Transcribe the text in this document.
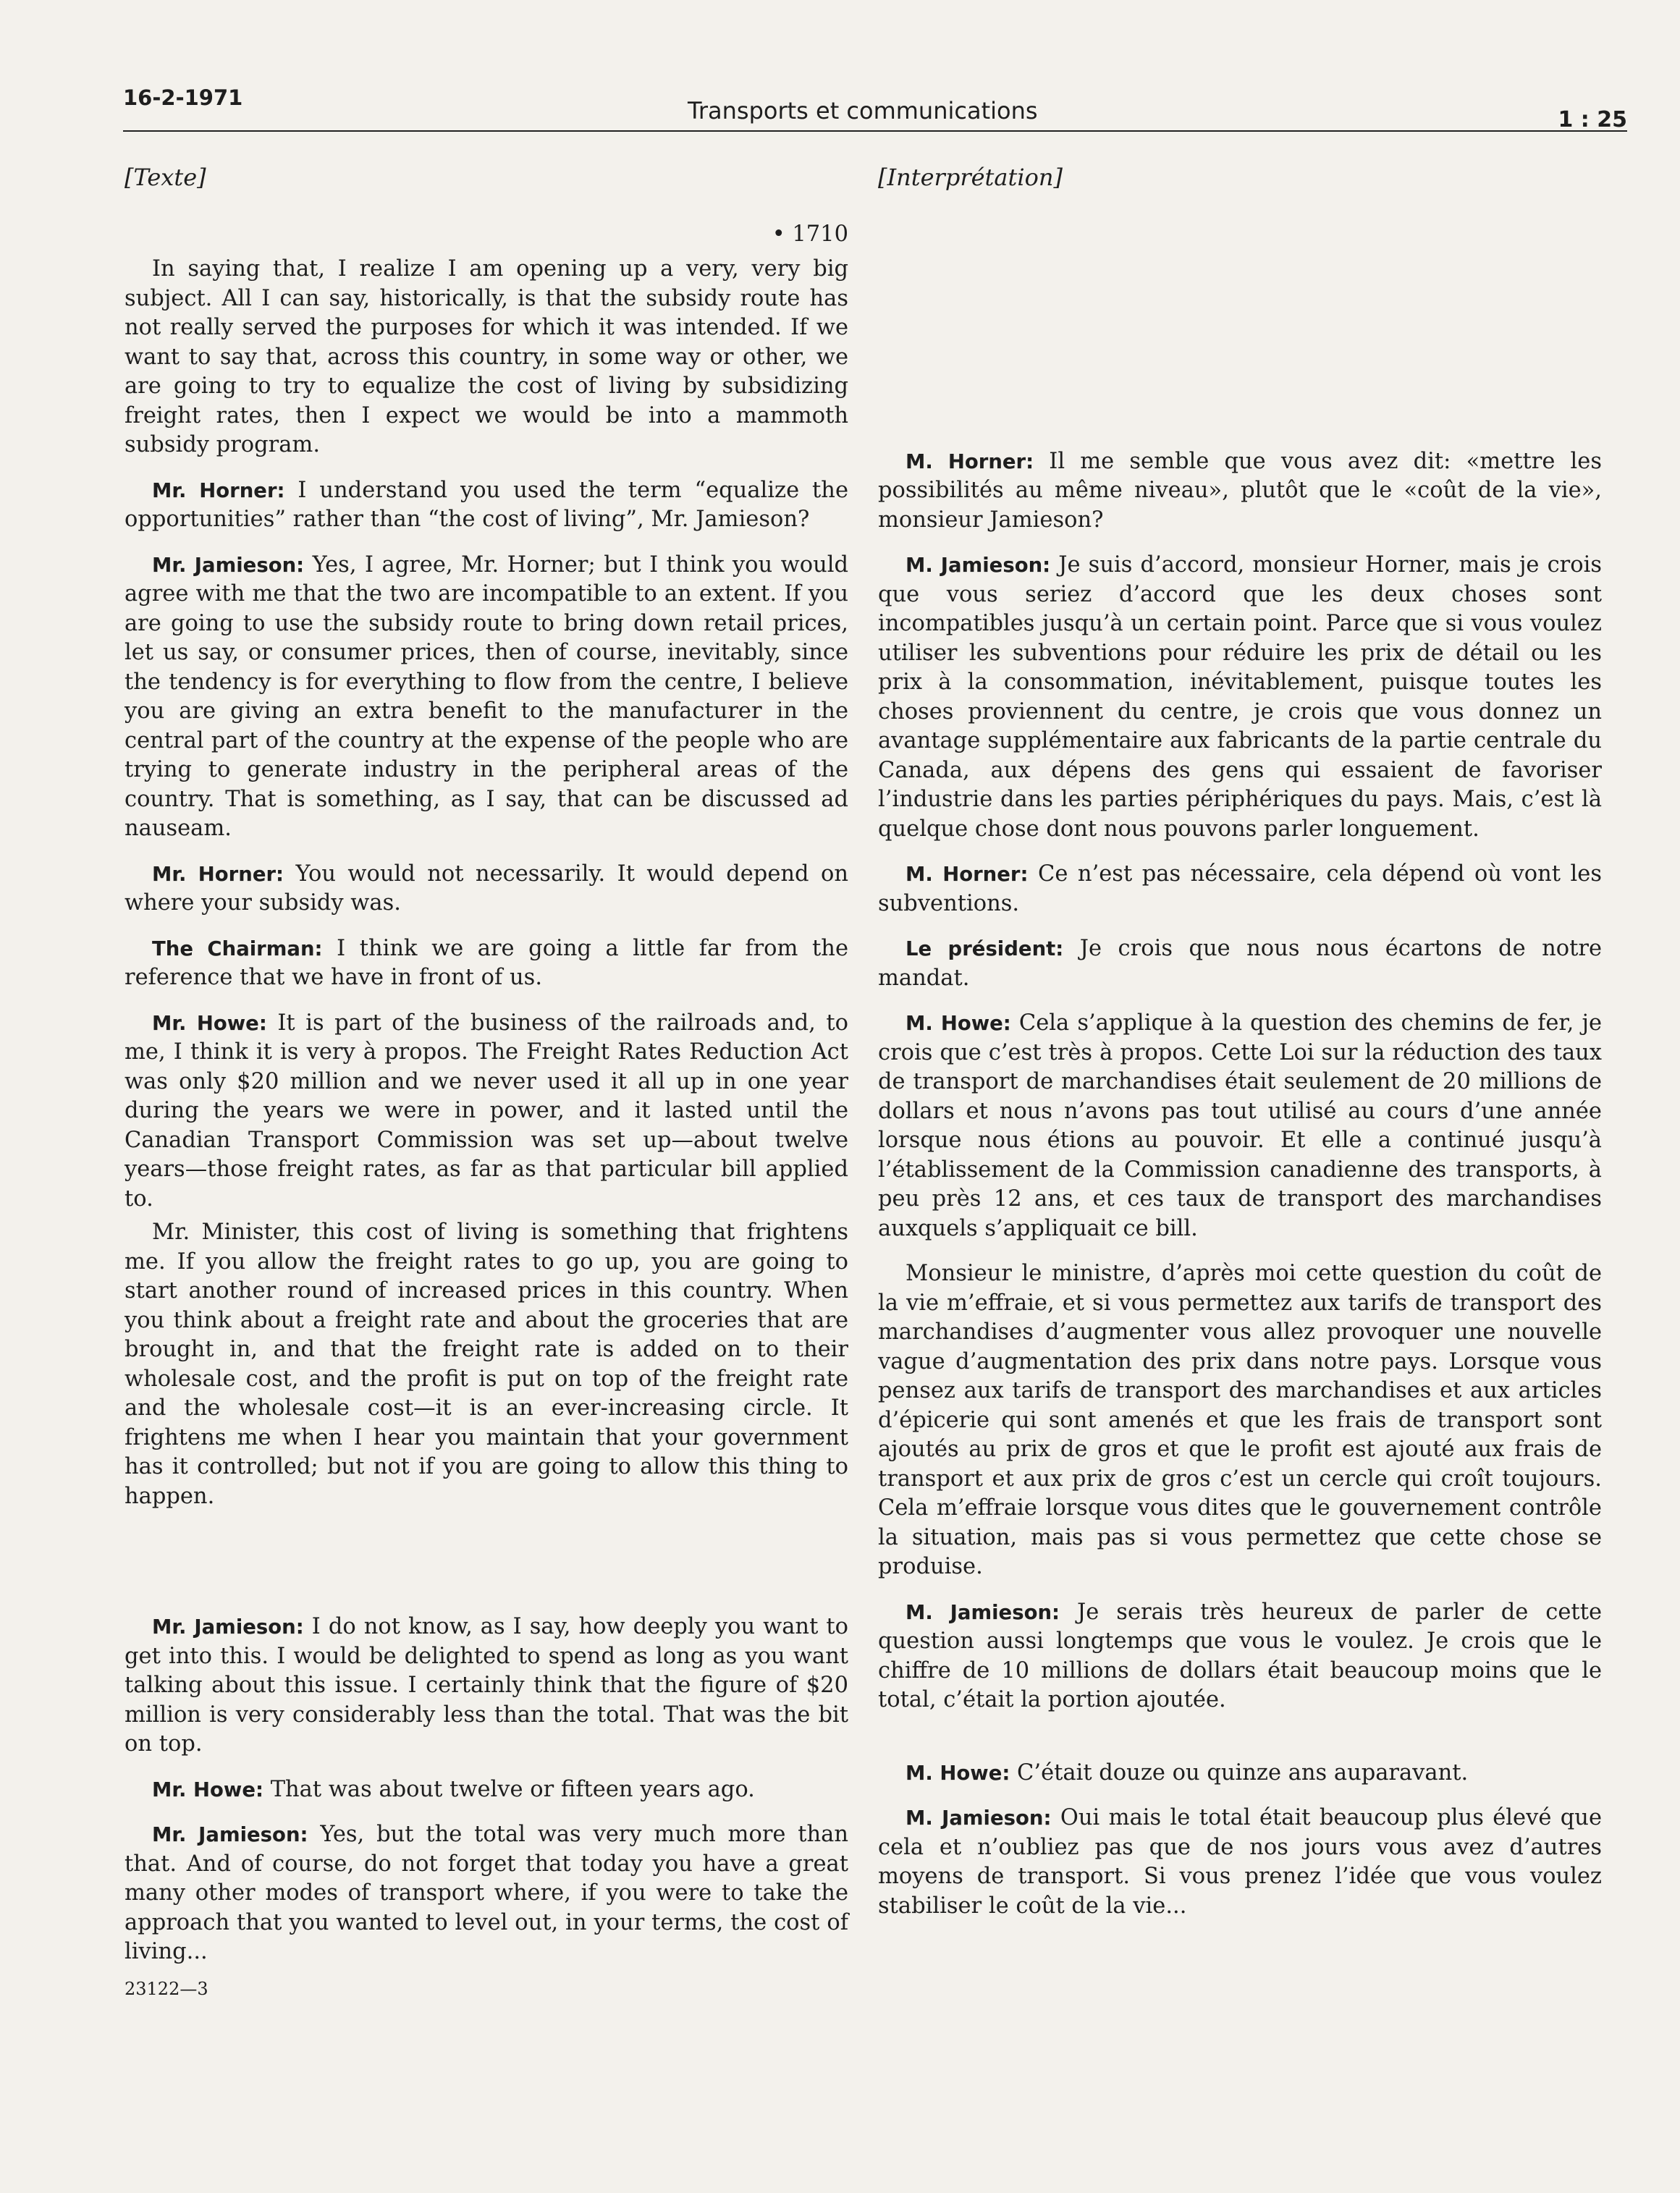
16-2-1971	Transports et communications	1 : 25
[Texte]
• 1710
In saying that, I realize I am opening up a very, very big subject. All I can say, historically, is that the subsidy route has not really served the purposes for which it was intended. If we want to say that, across this country, in some way or other, we are going to try to equalize the cost of living by subsidizing freight rates, then I expect we would be into a mammoth subsidy program.
Mr. Horner: I understand you used the term “equalize the opportunities” rather than “the cost of living”, Mr. Jamieson?
Mr. Jamieson: Yes, I agree, Mr. Horner; but I think you would agree with me that the two are incompatible to an extent. If you are going to use the subsidy route to bring down retail prices, let us say, or consumer prices, then of course, inevitably, since the tendency is for everything to flow from the centre, I believe you are giving an extra benefit to the manufacturer in the central part of the country at the expense of the people who are trying to generate industry in the peripheral areas of the country. That is something, as I say, that can be discussed ad nauseam.
Mr. Horner: You would not necessarily. It would depend on where your subsidy was.
The Chairman: I think we are going a little far from the reference that we have in front of us.
Mr. Howe: It is part of the business of the railroads and, to me, I think it is very à propos. The Freight Rates Reduction Act was only $20 million and we never used it all up in one year during the years we were in power, and it lasted until the Canadian Transport Commission was set up—about twelve years—those freight rates, as far as that particular bill applied to.
Mr. Minister, this cost of living is something that frightens me. If you allow the freight rates to go up, you are going to start another round of increased prices in this country. When you think about a freight rate and about the groceries that are brought in, and that the freight rate is added on to their wholesale cost, and the profit is put on top of the freight rate and the wholesale cost—it is an ever-increasing circle. It frightens me when I hear you maintain that your government has it controlled; but not if you are going to allow this thing to happen.
Mr. Jamieson: I do not know, as I say, how deeply you want to get into this. I would be delighted to spend as long as you want talking about this issue. I certainly think that the figure of $20 million is very considerably less than the total. That was the bit on top.
Mr. Howe: That was about twelve or fifteen years ago.
Mr. Jamieson: Yes, but the total was very much more than that. And of course, do not forget that today you have a great many other modes of transport where, if you were to take the approach that you wanted to level out, in your terms, the cost of living...
23122—3
[Interprétation]
M. Horner: Il me semble que vous avez dit: «mettre les possibilités au même niveau», plutôt que le «coût de la vie», monsieur Jamieson?
M. Jamieson: Je suis d’accord, monsieur Horner, mais je crois que vous seriez d’accord que les deux choses sont incompatibles jusqu’à un certain point. Parce que si vous voulez utiliser les subventions pour réduire les prix de détail ou les prix à la consommation, inévitablement, puisque toutes les choses proviennent du centre, je crois que vous donnez un avantage supplémentaire aux fabricants de la partie centrale du Canada, aux dépens des gens qui essaient de favoriser l’industrie dans les parties périphériques du pays. Mais, c’est là quelque chose dont nous pouvons parler longuement.
M. Horner: Ce n’est pas nécessaire, cela dépend où vont les subventions.
Le président: Je crois que nous nous écartons de notre mandat.
M. Howe: Cela s’applique à la question des chemins de fer, je crois que c’est très à propos. Cette Loi sur la réduction des taux de transport de marchandises était seulement de 20 millions de dollars et nous n’avons pas tout utilisé au cours d’une année lorsque nous étions au pouvoir. Et elle a continué jusqu’à l’établissement de la Commission canadienne des transports, à peu près 12 ans, et ces taux de transport des marchandises auxquels s’appliquait ce bill.
Monsieur le ministre, d’après moi cette question du coût de la vie m’effraie, et si vous permettez aux tarifs de transport des marchandises d’augmenter vous allez provoquer une nouvelle vague d’augmentation des prix dans notre pays. Lorsque vous pensez aux tarifs de transport des marchandises et aux articles d’épicerie qui sont amenés et que les frais de transport sont ajoutés au prix de gros et que le profit est ajouté aux frais de transport et aux prix de gros c’est un cercle qui croît toujours. Cela m’effraie lorsque vous dites que le gouvernement contrôle la situation, mais pas si vous permettez que cette chose se produise.
M. Jamieson: Je serais très heureux de parler de cette question aussi longtemps que vous le voulez. Je crois que le chiffre de 10 millions de dollars était beaucoup moins que le total, c’était la portion ajoutée.
M. Howe: C’était douze ou quinze ans auparavant.
M. Jamieson: Oui mais le total était beaucoup plus élevé que cela et n’oubliez pas que de nos jours vous avez d’autres moyens de transport. Si vous prenez l’idée que vous voulez stabiliser le coût de la vie...
